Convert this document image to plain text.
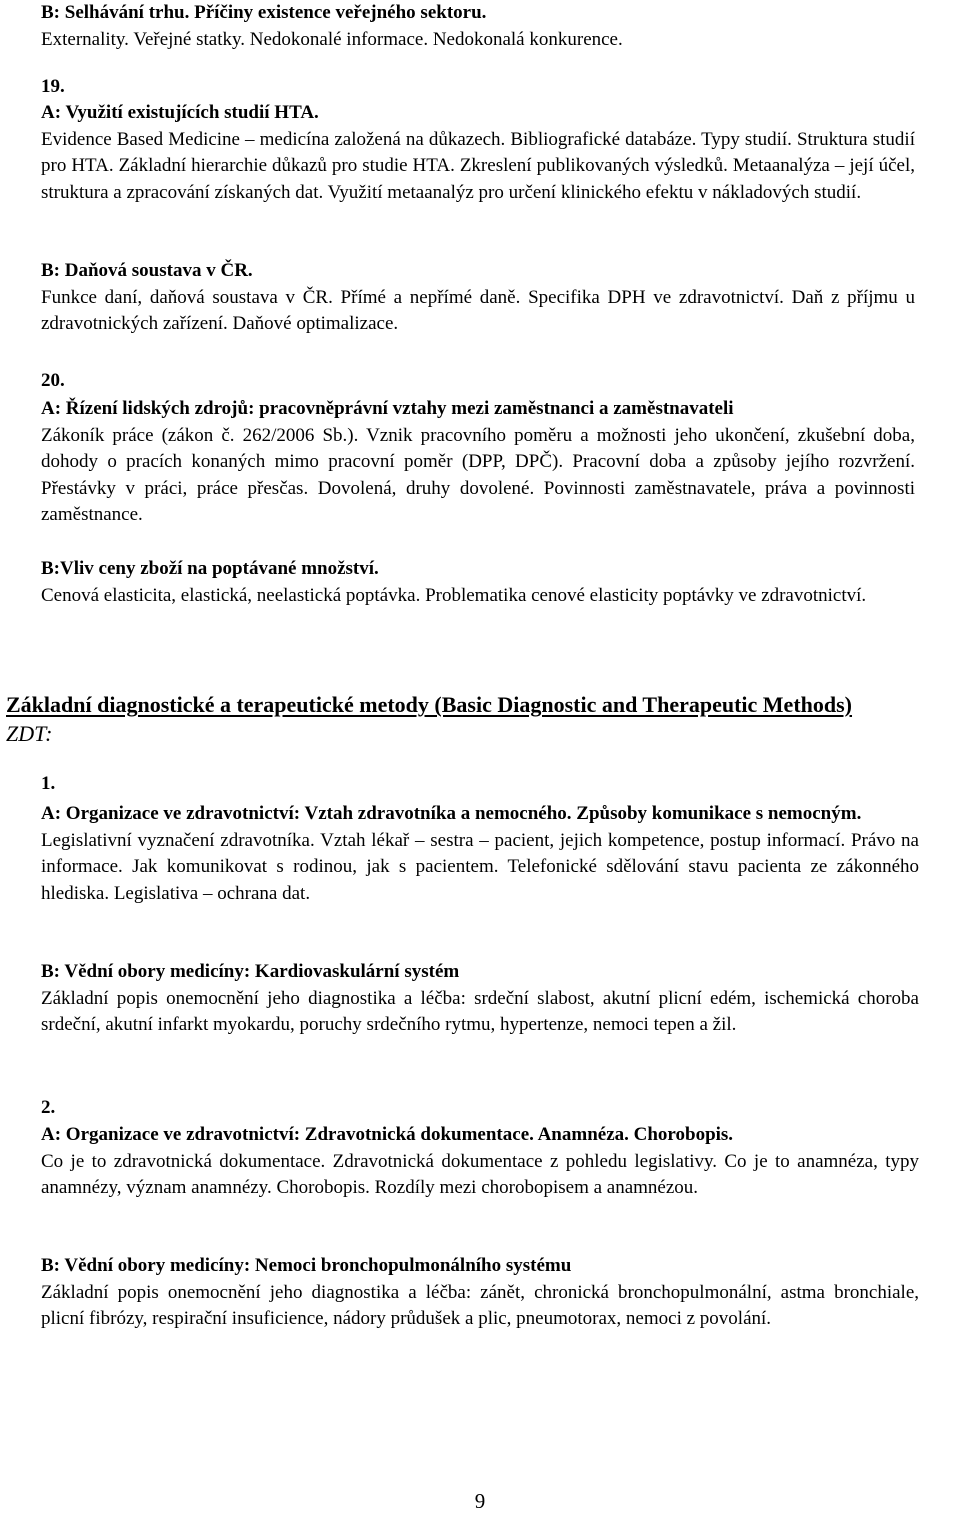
B: Selhávání trhu. Příčiny existence veřejného sektoru.
Externality. Veřejné statky. Nedokonalé informace. Nedokonalá konkurence.
19.
A: Využití existujících studií HTA.
Evidence Based Medicine – medicína založená na důkazech. Bibliografické databáze. Typy studií. Struktura studií pro HTA. Základní hierarchie důkazů pro studie HTA. Zkreslení publikovaných výsledků. Metaanalýza – její účel, struktura a zpracování získaných dat. Využití metaanalýz pro určení klinického efektu v nákladových studií.
B: Daňová soustava v ČR.
Funkce daní, daňová soustava v ČR. Přímé a nepřímé daně. Specifika DPH ve zdravotnictví. Daň z příjmu u zdravotnických zařízení. Daňové optimalizace.
20.
A: Řízení lidských zdrojů: pracovněprávní vztahy mezi zaměstnanci a zaměstnavateli
Zákoník práce (zákon č. 262/2006 Sb.). Vznik pracovního poměru a možnosti jeho ukončení, zkušební doba, dohody o pracích konaných mimo pracovní poměr (DPP, DPČ). Pracovní doba a způsoby jejího rozvržení. Přestávky v práci, práce přesčas. Dovolená, druhy dovolené. Povinnosti zaměstnavatele, práva a povinnosti zaměstnance.
B:Vliv ceny zboží na poptávané množství.
Cenová elasticita, elastická, neelastická poptávka. Problematika cenové elasticity poptávky ve zdravotnictví.
Základní diagnostické a terapeutické metody (Basic Diagnostic and Therapeutic Methods) ZDT:
1.
A: Organizace ve zdravotnictví: Vztah zdravotníka a nemocného. Způsoby komunikace s nemocným.
Legislativní vyznačení zdravotníka. Vztah lékař – sestra – pacient, jejich kompetence, postup informací. Právo na informace. Jak komunikovat s rodinou, jak s pacientem. Telefonické sdělování stavu pacienta ze zákonného hlediska. Legislativa – ochrana dat.
B: Vědní obory medicíny: Kardiovaskulární systém
Základní popis onemocnění jeho diagnostika a léčba: srdeční slabost, akutní plicní edém, ischemická choroba srdeční, akutní infarkt myokardu, poruchy srdečního rytmu, hypertenze, nemoci tepen a žil.
2.
A: Organizace ve zdravotnictví: Zdravotnická dokumentace. Anamnéza. Chorobopis.
Co je to zdravotnická dokumentace. Zdravotnická dokumentace z pohledu legislativy. Co je to anamnéza, typy anamnézy, význam anamnézy. Chorobopis. Rozdíly mezi chorobopisem a anamnézou.
B: Vědní obory medicíny: Nemoci bronchopulmonálního systému
Základní popis onemocnění jeho diagnostika a léčba: zánět, chronická bronchopulmonální, astma bronchiale, plicní fibrózy, respirační insuficience, nádory průdušek a plic, pneumotorax, nemoci z povolání.
9
